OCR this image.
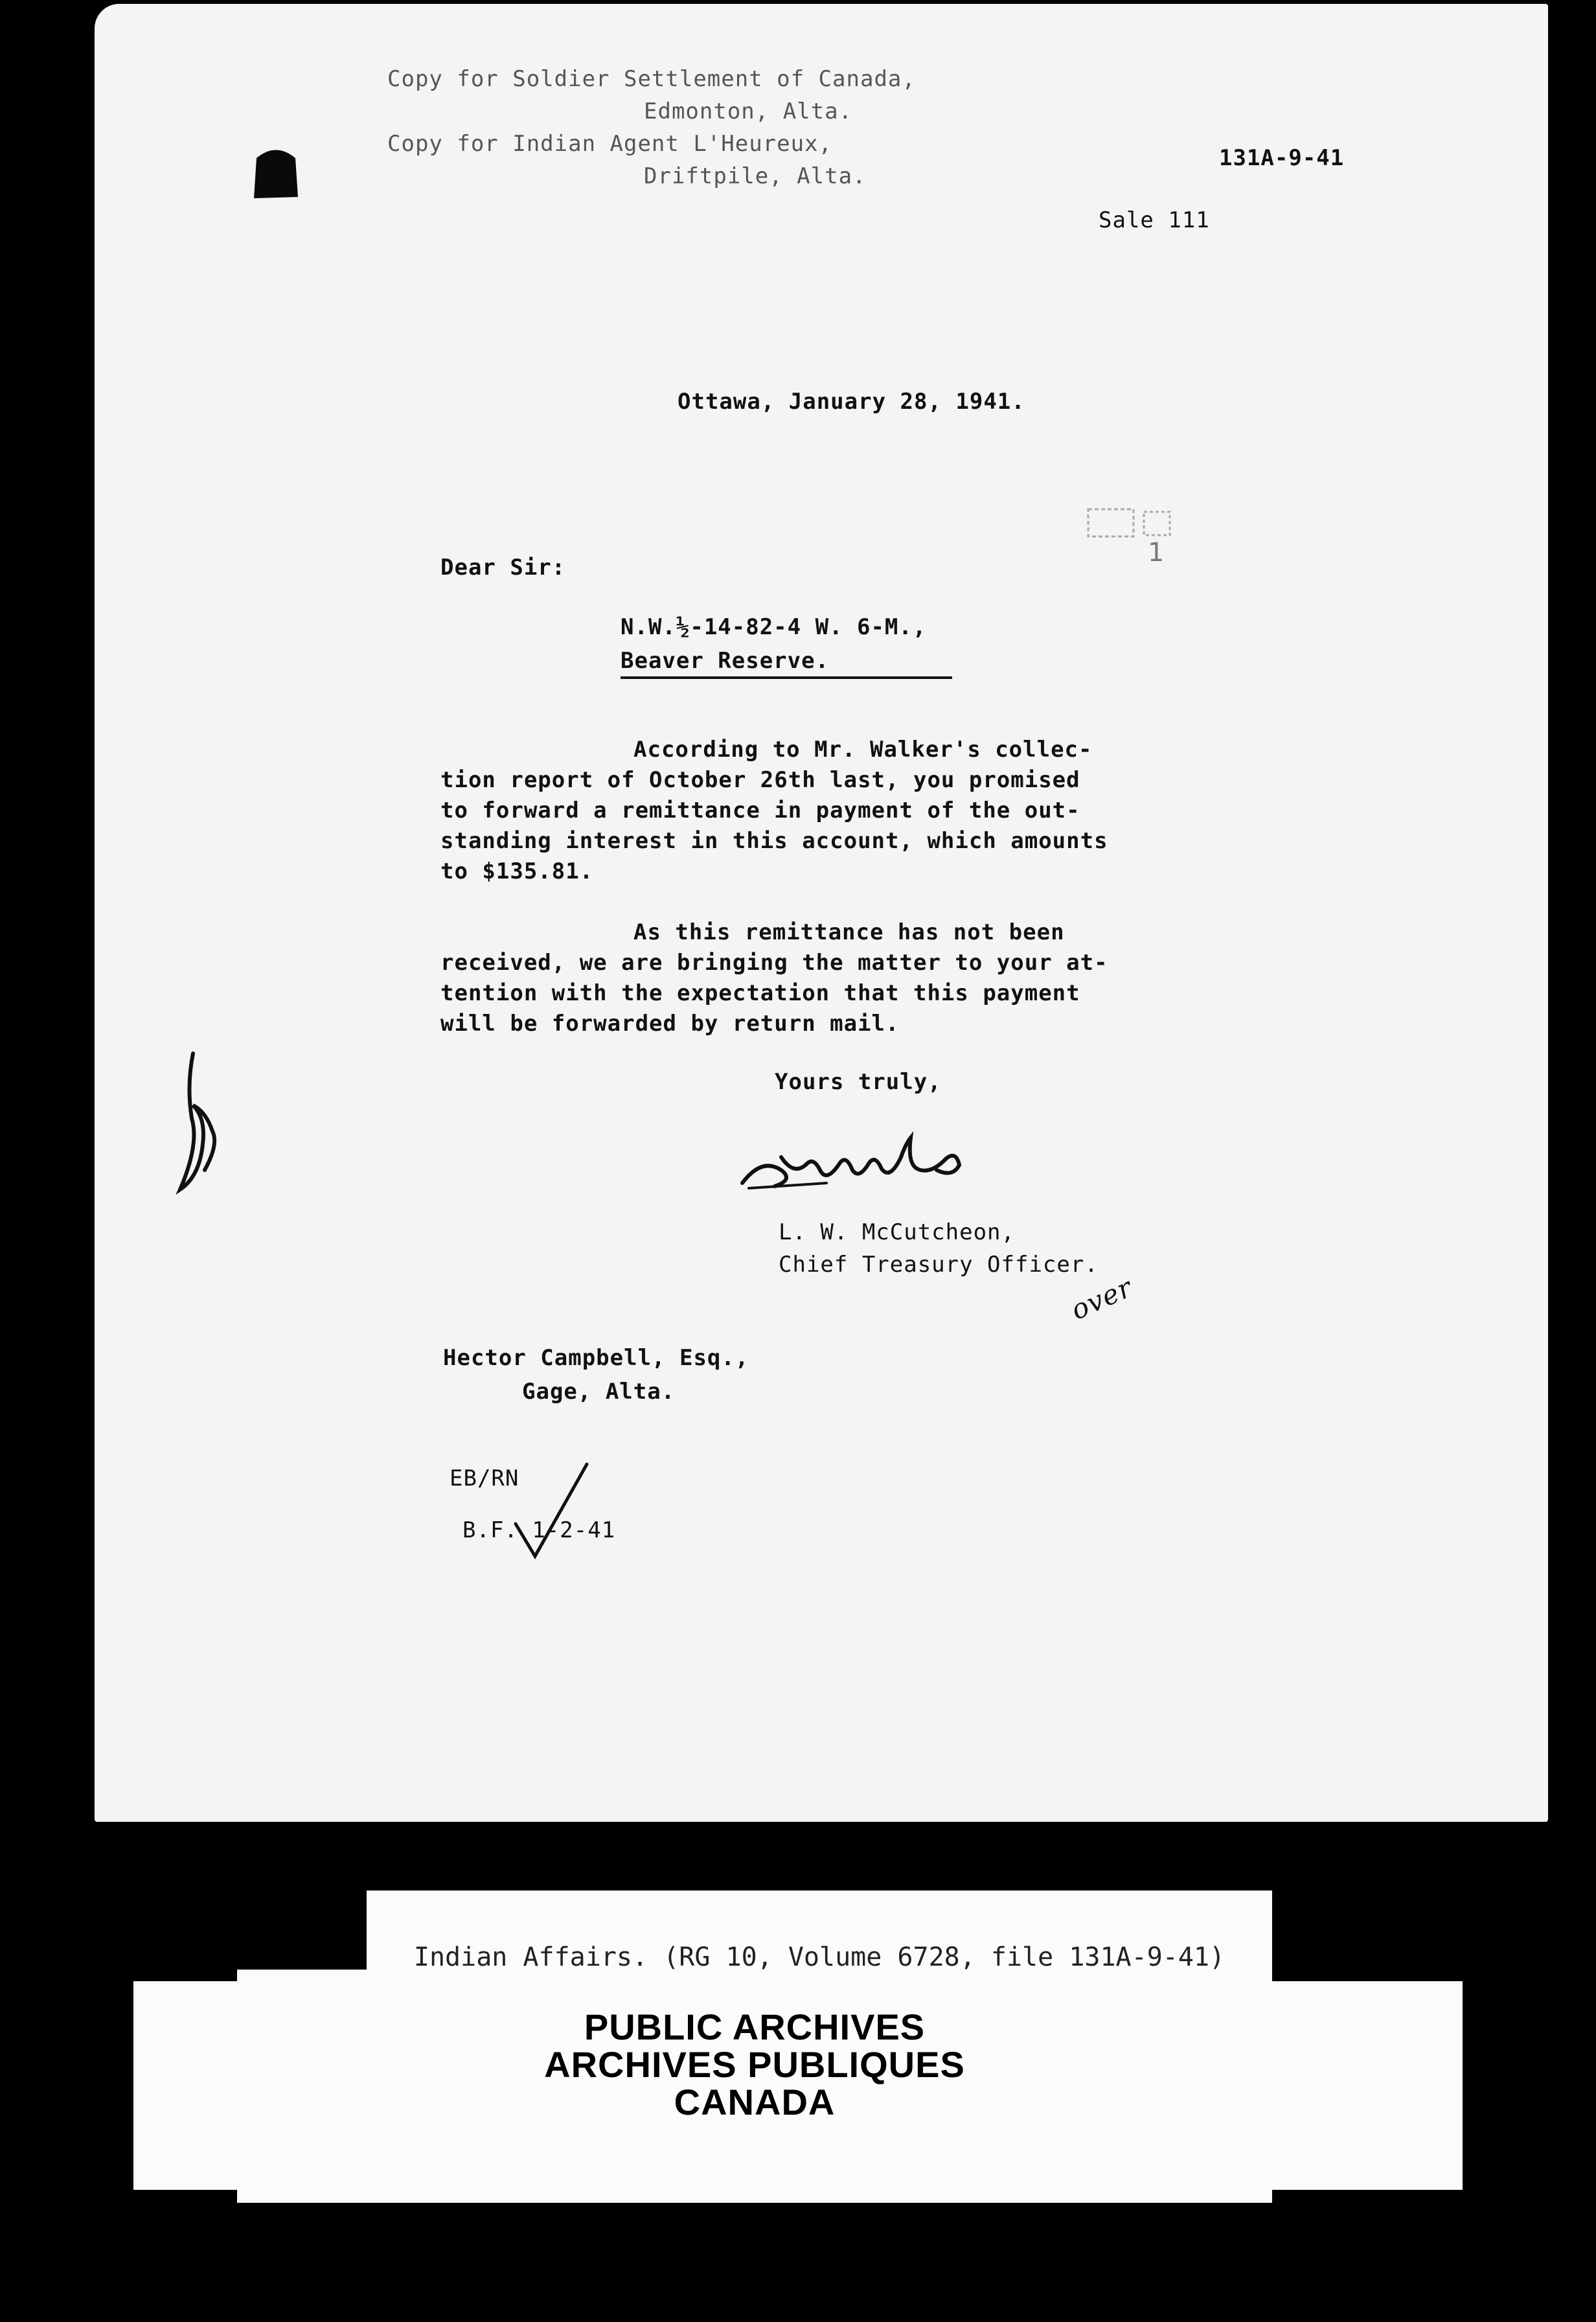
Copy for Soldier Settlement of Canada,
Edmonton, Alta.
Copy for Indian Agent L'Heureux,
Driftpile, Alta.
131A-9-41
Sale 111
Ottawa, January 28, 1941.
1
Dear Sir:
N.W.½-14-82-4 W. 6-M.,
Beaver Reserve.
According to Mr. Walker's collec-
tion report of October 26th last, you promised
to forward a remittance in payment of the out-
standing interest in this account, which amounts
to $135.81.
As this remittance has not been
received, we are bringing the matter to your at-
tention with the expectation that this payment
will be forwarded by return mail.
Yours truly,
L. W. McCutcheon,
Chief Treasury Officer.
over
Hector Campbell, Esq.,
Gage, Alta.
EB/RN
B.F. 1-2-41
Indian Affairs. (RG 10, Volume 6728, file 131A-9-41)
PUBLIC ARCHIVES
ARCHIVES PUBLIQUES
CANADA
